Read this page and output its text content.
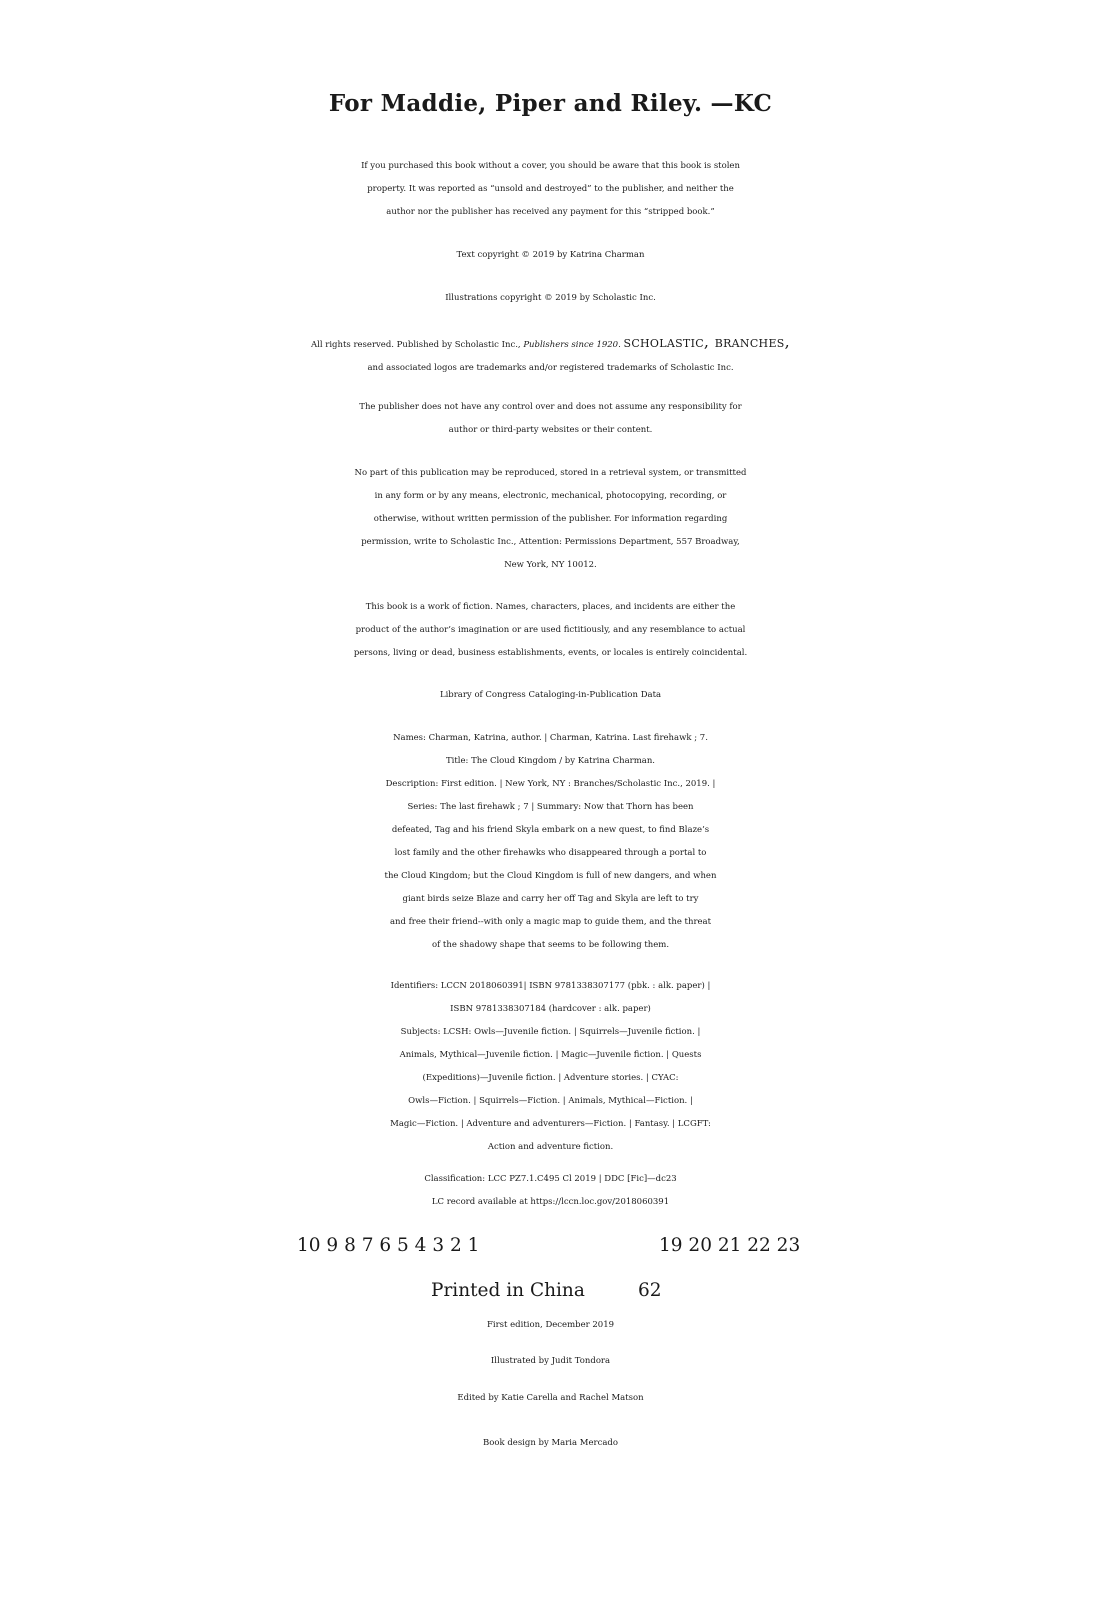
For Maddie, Piper and Riley. —KC
If you purchased this book without a cover, you should be aware that this book is stolen
property. It was reported as “unsold and destroyed” to the publisher, and neither the
author nor the publisher has received any payment for this “stripped book.”
Text copyright © 2019 by Katrina Charman
Illustrations copyright © 2019 by Scholastic Inc.
All rights reserved. Published by Scholastic Inc., Publishers since 1920. scholastic, branches,
and associated logos are trademarks and/or registered trademarks of Scholastic Inc.
The publisher does not have any control over and does not assume any responsibility for
author or third-party websites or their content.
No part of this publication may be reproduced, stored in a retrieval system, or transmitted
in any form or by any means, electronic, mechanical, photocopying, recording, or
otherwise, without written permission of the publisher. For information regarding
permission, write to Scholastic Inc., Attention: Permissions Department, 557 Broadway,
New York, NY 10012.
This book is a work of fiction. Names, characters, places, and incidents are either the
product of the author’s imagination or are used fictitiously, and any resemblance to actual
persons, living or dead, business establishments, events, or locales is entirely coincidental.
Library of Congress Cataloging-in-Publication Data
Names: Charman, Katrina, author. | Charman, Katrina. Last firehawk ; 7.
Title: The Cloud Kingdom / by Katrina Charman.
Description: First edition. | New York, NY : Branches/Scholastic Inc., 2019. |
Series: The last firehawk ; 7 | Summary: Now that Thorn has been
defeated, Tag and his friend Skyla embark on a new quest, to find Blaze’s
lost family and the other firehawks who disappeared through a portal to
the Cloud Kingdom; but the Cloud Kingdom is full of new dangers, and when
giant birds seize Blaze and carry her off Tag and Skyla are left to try
and free their friend--with only a magic map to guide them, and the threat
of the shadowy shape that seems to be following them.
Identifiers: LCCN 2018060391| ISBN 9781338307177 (pbk. : alk. paper) |
ISBN 9781338307184 (hardcover : alk. paper)
Subjects: LCSH: Owls—Juvenile fiction. | Squirrels—Juvenile fiction. |
Animals, Mythical—Juvenile fiction. | Magic—Juvenile fiction. | Quests
(Expeditions)—Juvenile fiction. | Adventure stories. | CYAC:
Owls—Fiction. | Squirrels—Fiction. | Animals, Mythical—Fiction. |
Magic—Fiction. | Adventure and adventurers—Fiction. | Fantasy. | LCGFT:
Action and adventure fiction.
Classification: LCC PZ7.1.C495 Cl 2019 | DDC [Fic]—dc23
LC record available at https://lccn.loc.gov/2018060391
10 9 8 7 6 5 4 3 2 1	19 20 21 22 23
Printed in China	62
First edition, December 2019
Illustrated by Judit Tondora
Edited by Katie Carella and Rachel Matson
Book design by Maria Mercado
